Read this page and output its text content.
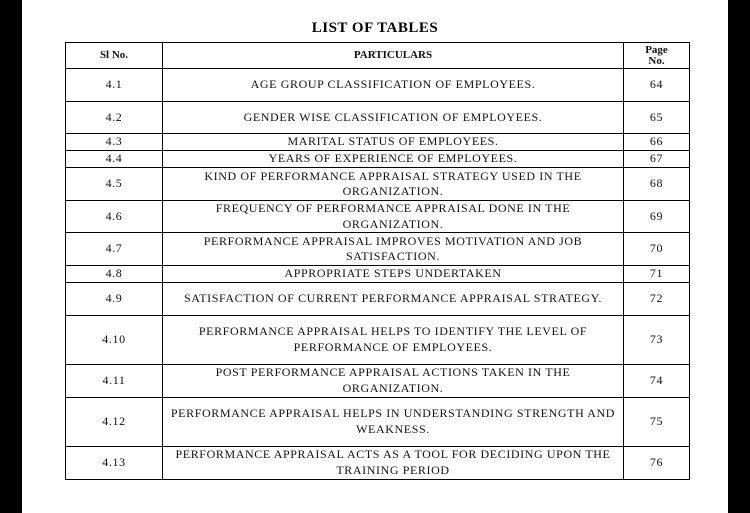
LIST OF TABLES
Sl No.	PARTICULARS	Page No.
4.1	AGE GROUP CLASSIFICATION OF EMPLOYEES.	64
4.2	GENDER WISE CLASSIFICATION OF EMPLOYEES.	65
4.3	MARITAL STATUS OF EMPLOYEES.	66
4.4	YEARS OF EXPERIENCE OF EMPLOYEES.	67
4.5	KIND OF PERFORMANCE APPRAISAL STRATEGY USED IN THE ORGANIZATION.	68
4.6	FREQUENCY OF PERFORMANCE APPRAISAL DONE IN THE ORGANIZATION.	69
4.7	PERFORMANCE APPRAISAL IMPROVES MOTIVATION AND JOB SATISFACTION.	70
4.8	APPROPRIATE STEPS UNDERTAKEN	71
4.9	SATISFACTION OF CURRENT PERFORMANCE APPRAISAL STRATEGY.	72
4.10	PERFORMANCE APPRAISAL HELPS TO IDENTIFY THE LEVEL OF PERFORMANCE OF EMPLOYEES.	73
4.11	POST PERFORMANCE APPRAISAL ACTIONS TAKEN IN THE ORGANIZATION.	74
4.12	PERFORMANCE APPRAISAL HELPS IN UNDERSTANDING STRENGTH AND WEAKNESS.	75
4.13	PERFORMANCE APPRAISAL ACTS AS A TOOL FOR DECIDING UPON THE TRAINING PERIOD	76
